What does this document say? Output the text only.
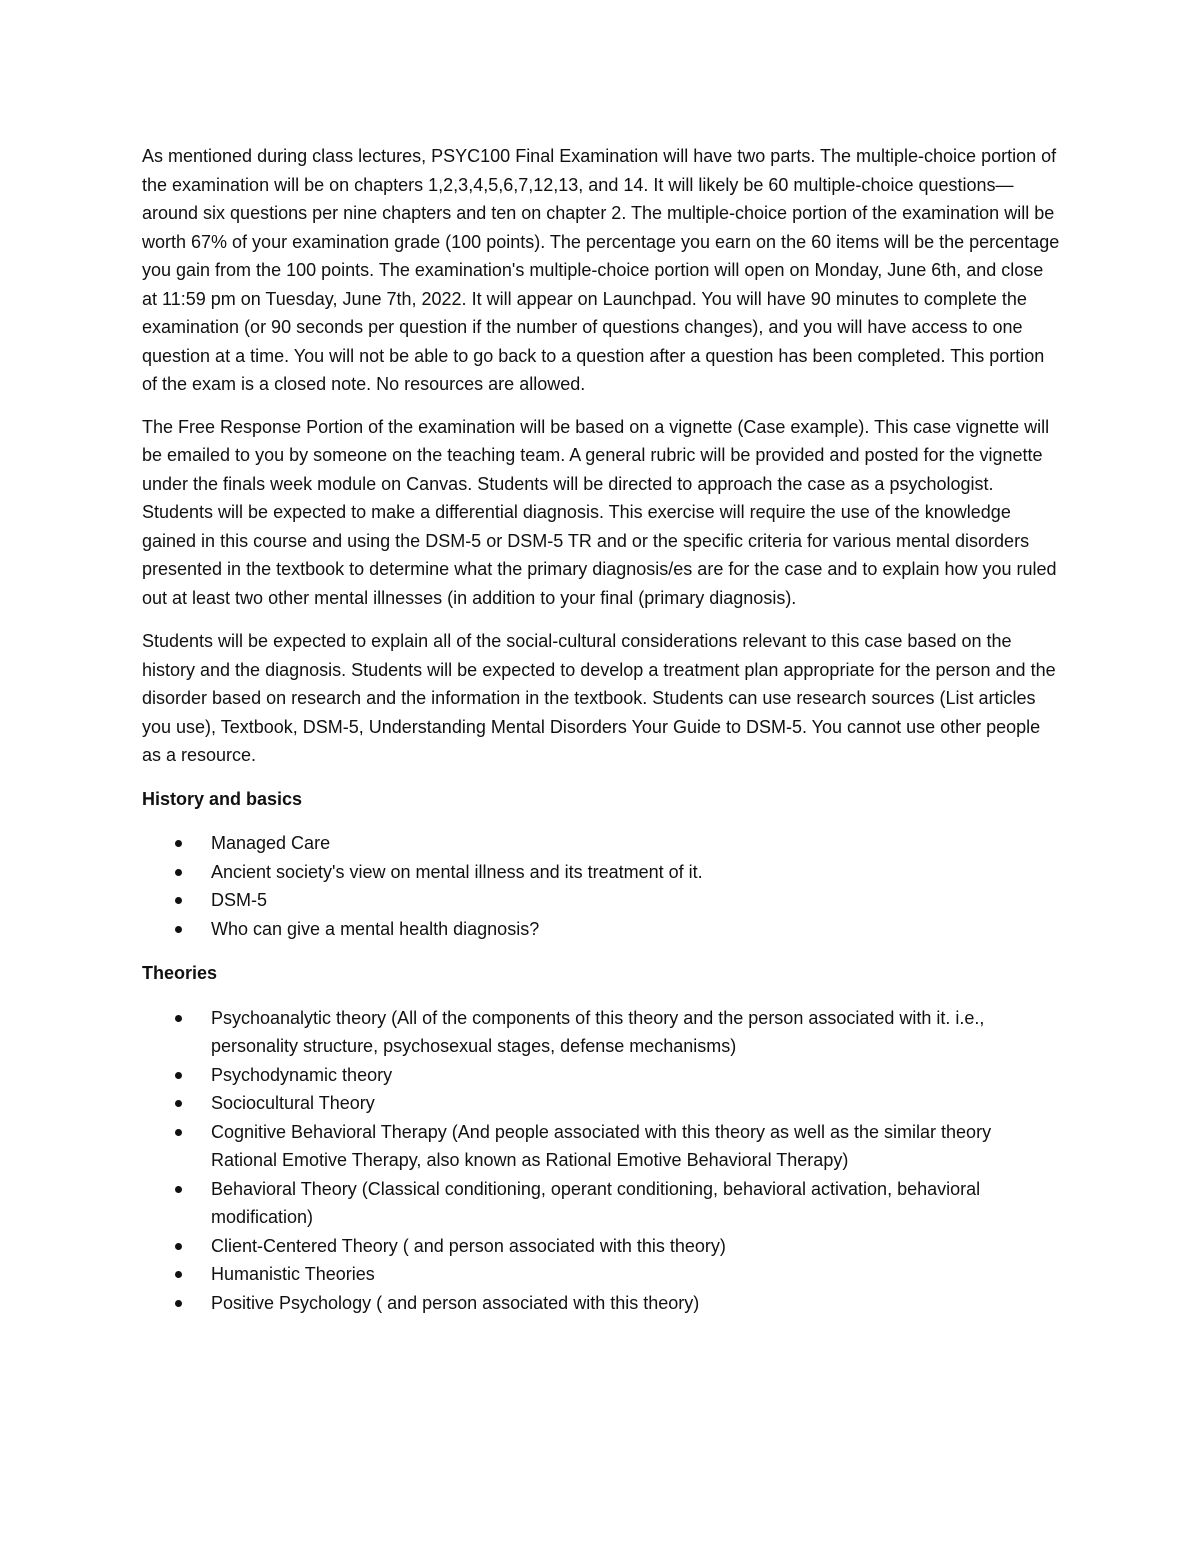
As mentioned during class lectures, PSYC100 Final Examination will have two parts. The multiple-choice portion of the examination will be on chapters 1,2,3,4,5,6,7,12,13, and 14. It will likely be 60 multiple-choice questions— around six questions per nine chapters and ten on chapter 2. The multiple-choice portion of the examination will be worth 67% of your examination grade (100 points). The percentage you earn on the 60 items will be the percentage you gain from the 100 points. The examination's multiple-choice portion will open on Monday, June 6th, and close at 11:59 pm on Tuesday, June 7th, 2022. It will appear on Launchpad. You will have 90 minutes to complete the examination (or 90 seconds per question if the number of questions changes), and you will have access to one question at a time. You will not be able to go back to a question after a question has been completed. This portion of the exam is a closed note. No resources are allowed.

The Free Response Portion of the examination will be based on a vignette (Case example). This case vignette will be emailed to you by someone on the teaching team. A general rubric will be provided and posted for the vignette under the finals week module on Canvas. Students will be directed to approach the case as a psychologist. Students will be expected to make a differential diagnosis. This exercise will require the use of the knowledge gained in this course and using the DSM-5 or DSM-5 TR and or the specific criteria for various mental disorders presented in the textbook to determine what the primary diagnosis/es are for the case and to explain how you ruled out at least two other mental illnesses (in addition to your final (primary diagnosis).

Students will be expected to explain all of the social-cultural considerations relevant to this case based on the history and the diagnosis. Students will be expected to develop a treatment plan appropriate for the person and the disorder based on research and the information in the textbook. Students can use research sources (List articles you use), Textbook, DSM-5, Understanding Mental Disorders Your Guide to DSM-5. You cannot use other people as a resource.

History and basics
Managed Care
Ancient society's view on mental illness and its treatment of it.
DSM-5
Who can give a mental health diagnosis?
Theories
Psychoanalytic theory (All of the components of this theory and the person associated with it. i.e., personality structure, psychosexual stages, defense mechanisms)
Psychodynamic theory
Sociocultural Theory
Cognitive Behavioral Therapy (And people associated with this theory as well as the similar theory Rational Emotive Therapy, also known as Rational Emotive Behavioral Therapy)
Behavioral Theory (Classical conditioning, operant conditioning, behavioral activation, behavioral modification)
Client-Centered Theory ( and person associated with this theory)
Humanistic Theories
Positive Psychology ( and person associated with this theory)
